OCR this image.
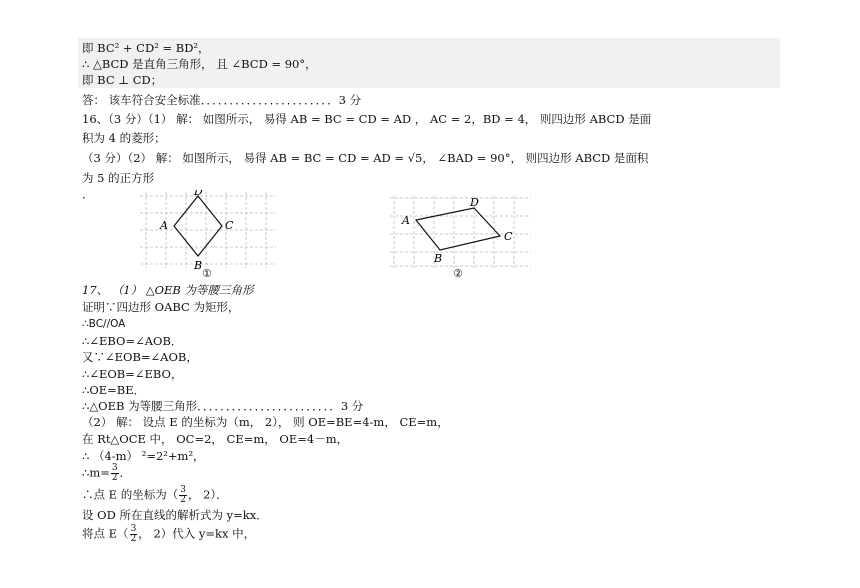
即 BC² + CD² = BD²，
∴ △BCD 是直角三角形， 且 ∠BCD = 90°，
即 BC ⊥ CD；
答： 该车符合安全标准．．．．．．．．．．．．．．．．．．．．．．．3 分
16、（3 分）（1） 解： 如图所示， 易得 AB = BC = CD = AD ， AC = 2，BD = 4， 则四边形 ABCD 是面
积为 4 的菱形；
（3 分）（2） 解： 如图所示， 易得 AB = BC = CD = AD = √5， ∠BAD = 90°， 则四边形 ABCD 是面积
为 5 的正方形
．	D
A	C
B
①
D
A
C
B
②
17、 （1） △OEB 为等腰三角形
证明∵四边形 OABC 为矩形，
∴BC//OA
∴∠EBO=∠AOB．
又∵∠EOB=∠AOB，
∴∠EOB=∠EBO，
∴OE=BE．
∴△OEB 为等腰三角形．．．．．．．．．．．．．．．．．．．．．．．．3 分
（2） 解： 设点 E 的坐标为（m， 2）， 则 OE=BE=4-m， CE=m，
在 Rt△OCE 中， OC=2， CE=m， OE=4－m，
∴ （4-m） ²=2²+m²，
∴m= $\frac{3}{2}$ ．
∴点 E 的坐标为（ $\frac{3}{2}$ ， 2）．
设 OD 所在直线的解析式为 y=kx．
将点 $E( \frac{3}{2}$ ， 2）代入 y=kx 中，
